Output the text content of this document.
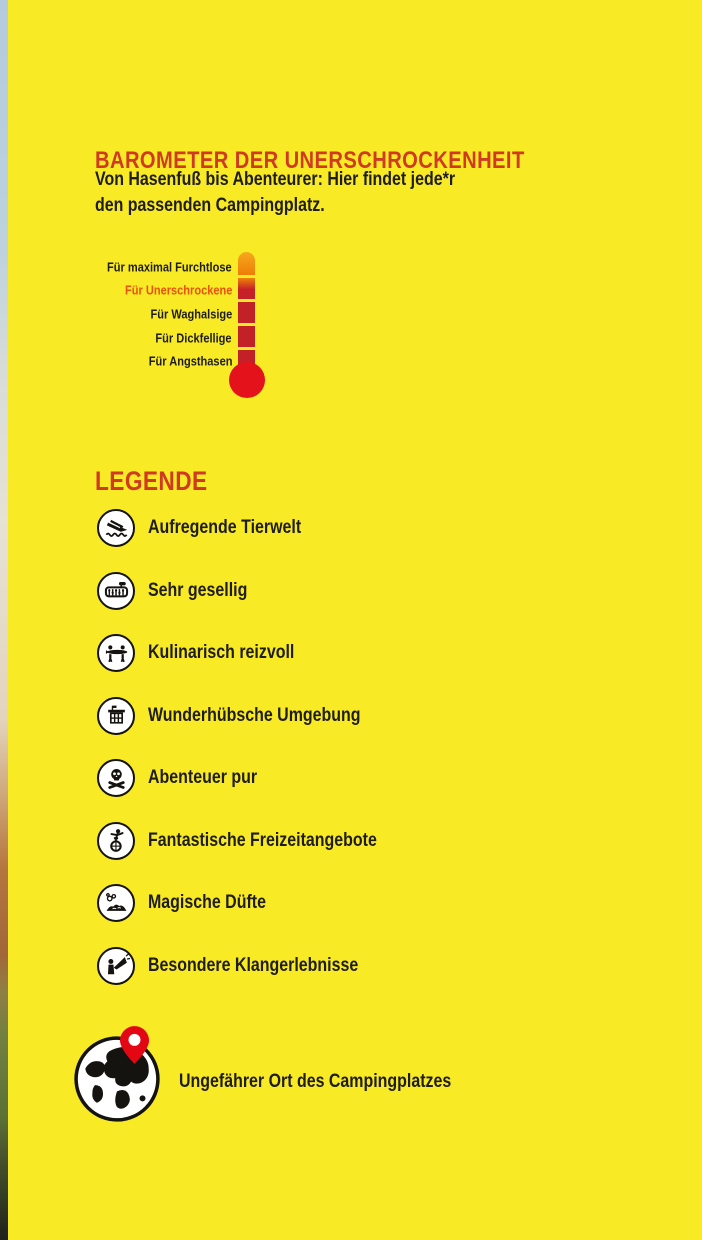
BAROMETER DER UNERSCHROCKENHEIT
Von Hasenfuß bis Abenteurer: Hier findet jede*r
den passenden Campingplatz.
Für maximal Furchtlose
Für Unerschrockene
Für Waghalsige
Für Dickfellige
Für Angsthasen
LEGENDE
Aufregende Tierwelt
Sehr gesellig
Kulinarisch reizvoll
Wunderhübsche Umgebung
Abenteuer pur
Fantastische Freizeitangebote
Magische Düfte
Besondere Klangerlebnisse
Ungefährer Ort des Campingplatzes
